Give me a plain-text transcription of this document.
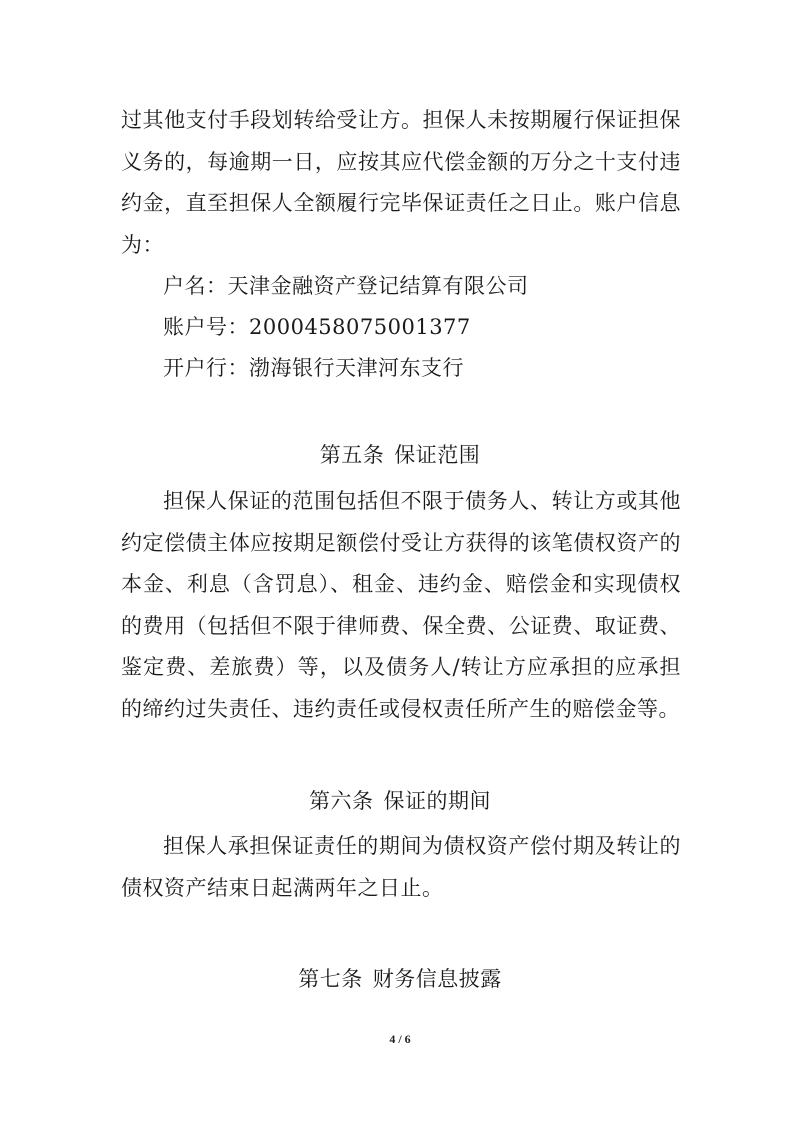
过其他支付手段划转给受让方。担保人未按期履行保证担保义务的，每逾期一日，应按其应代偿金额的万分之十支付违约金，直至担保人全额履行完毕保证责任之日止。账户信息为：
户名：天津金融资产登记结算有限公司
账户号：2000458075001377
开户行：渤海银行天津河东支行
第五条 保证范围
担保人保证的范围包括但不限于债务人、转让方或其他约定偿债主体应按期足额偿付受让方获得的该笔债权资产的本金、利息（含罚息）、租金、违约金、赔偿金和实现债权的费用（包括但不限于律师费、保全费、公证费、取证费、鉴定费、差旅费）等，以及债务人/转让方应承担的应承担的缔约过失责任、违约责任或侵权责任所产生的赔偿金等。
第六条 保证的期间
担保人承担保证责任的期间为债权资产偿付期及转让的债权资产结束日起满两年之日止。
第七条 财务信息披露
4 / 6
